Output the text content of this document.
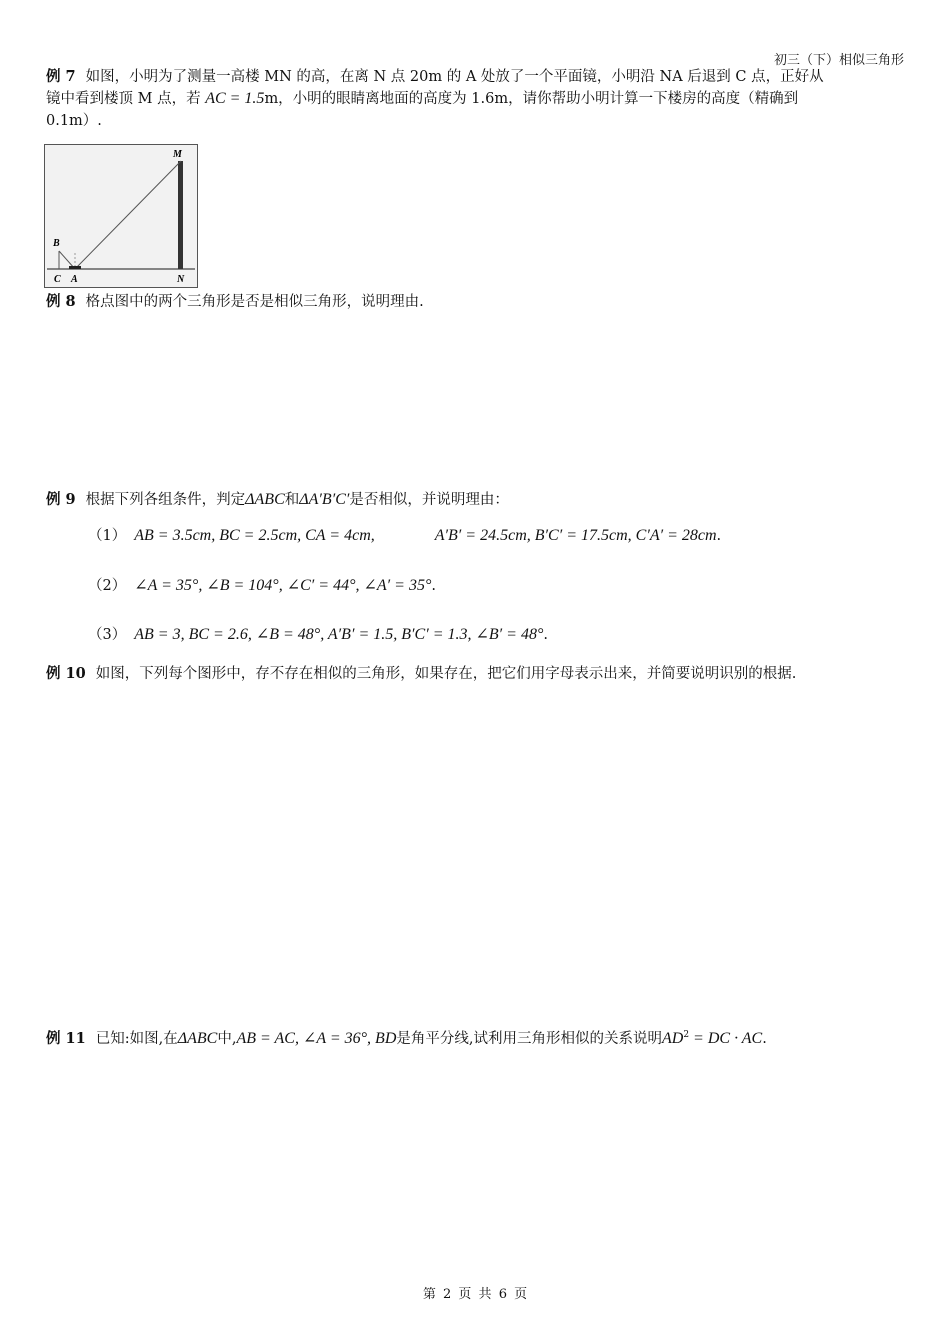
初三（下）相似三角形
例 7 如图，小明为了测量一高楼 MN 的高，在离 N 点 20m 的 A 处放了一个平面镜，小明沿 NA 后退到 C 点，正好从
镜中看到楼顶 M 点，若 AC = 1.5m，小明的眼睛离地面的高度为 1.6m，请你帮助小明计算一下楼房的高度（精确到
0.1m）.
M
N
B
C A
例 8 格点图中的两个三角形是否是相似三角形，说明理由.
例 9 根据下列各组条件，判定ΔABC和ΔA′B′C′是否相似，并说明理由：
（1） AB = 3.5cm, BC = 2.5cm, CA = 4cm,	A′B′ = 24.5cm, B′C′ = 17.5cm, C′A′ = 28cm.
（2） ∠A = 35°, ∠B = 104°, ∠C′ = 44°, ∠A′ = 35°.
（3） AB = 3, BC = 2.6, ∠B = 48°, A′B′ = 1.5, B′C′ = 1.3, ∠B′ = 48°.
例 10 如图，下列每个图形中，存不存在相似的三角形，如果存在，把它们用字母表示出来，并简要说明识别的根据.
例 11 已知:如图,在ΔABC中,AB = AC, ∠A = 36°, BD是角平分线,试利用三角形相似的关系说明$AD^2$ = DC · AC.
第 2 页 共 6 页
